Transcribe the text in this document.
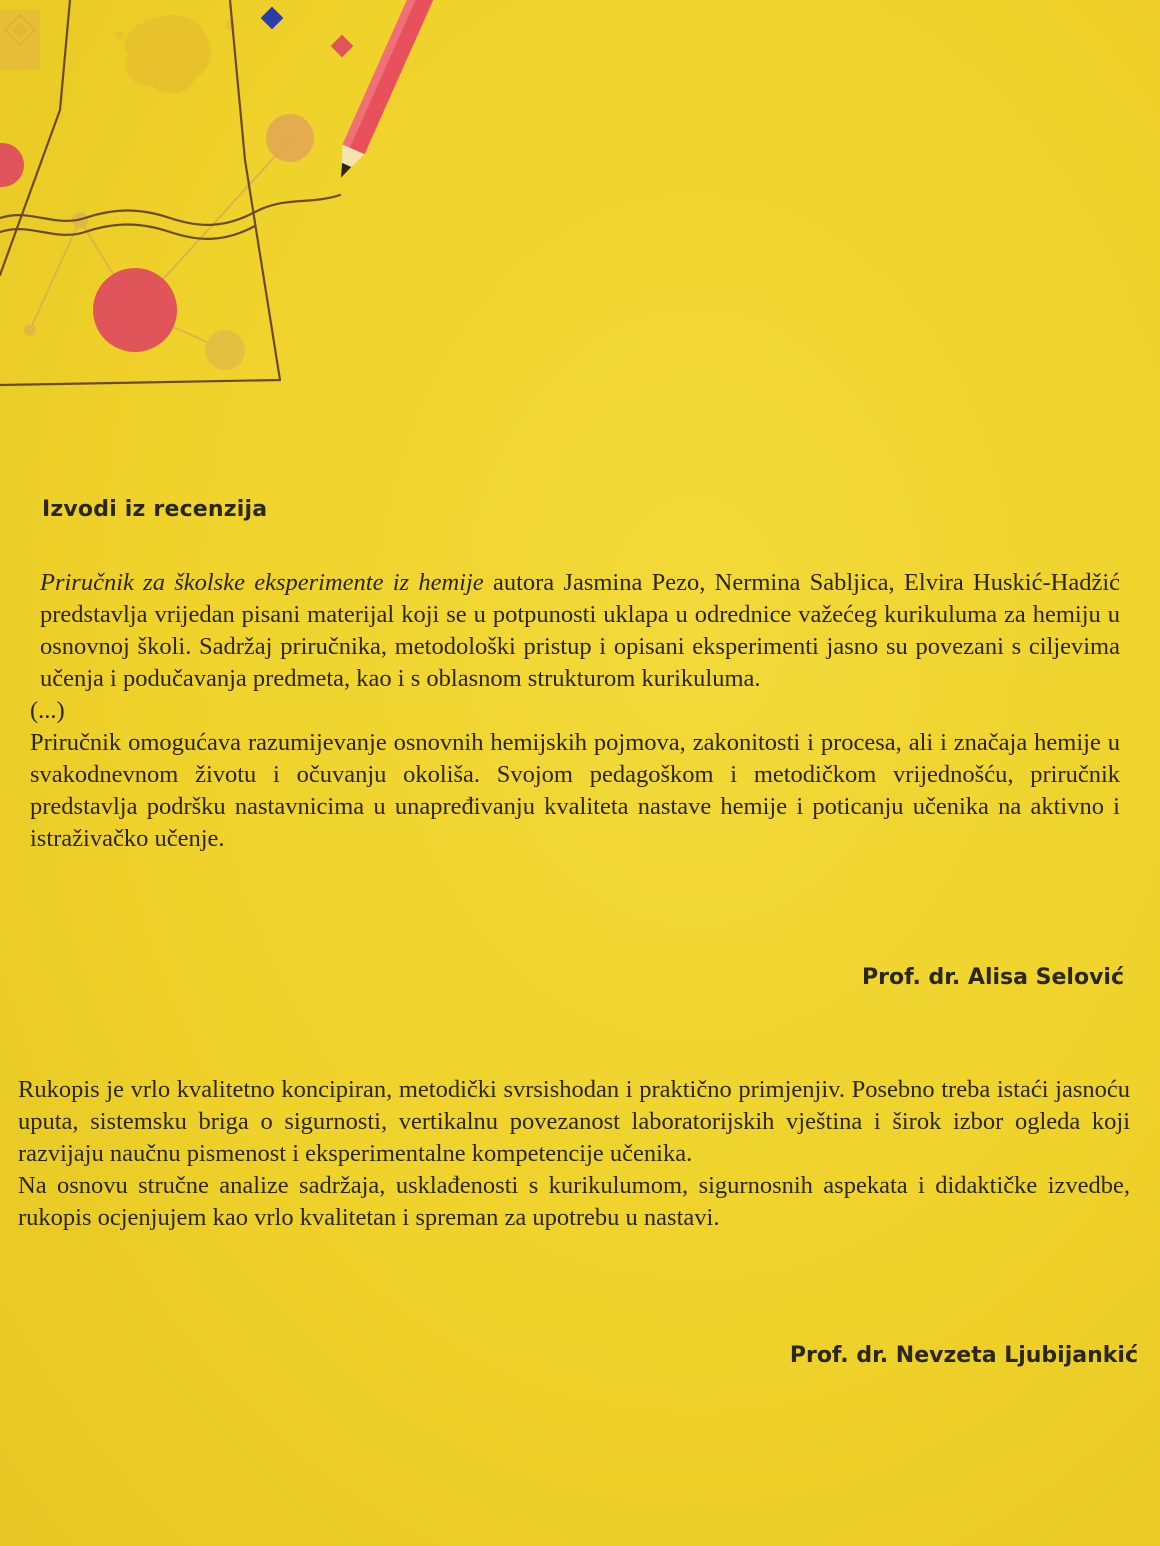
Izvodi iz recenzija

Priručnik za školske eksperimente iz hemije autora Jasmina Pezo, Nermina Sabljica, Elvira Huskić-Hadžić predstavlja vrijedan pisani materijal koji se u potpunosti uklapa u odrednice važećeg kurikuluma za hemiju u osnovnoj školi. Sadržaj priručnika, metodološki pristup i opisani eksperimenti jasno su povezani s ciljevima učenja i podučavanja predmeta, kao i s oblasnom strukturom kurikuluma.

(...)

Priručnik omogućava razumijevanje osnovnih hemijskih pojmova, zakonitosti i procesa, ali i značaja hemije u svakodnevnom životu i očuvanju okoliša. Svojom pedagoškom i metodičkom vrijednošću, priručnik predstavlja podršku nastavnicima u unapređivanju kvaliteta nastave hemije i poticanju učenika na aktivno i istraživačko učenje.

Prof. dr. Alisa Selović

Rukopis je vrlo kvalitetno koncipiran, metodički svrsishodan i praktično primjenjiv. Posebno treba istaći jasnoću uputa, sistemsku briga o sigurnosti, vertikalnu povezanost laboratorijskih vještina i širok izbor ogleda koji razvijaju naučnu pismenost i eksperimentalne kompetencije učenika.

Na osnovu stručne analize sadržaja, usklađenosti s kurikulumom, sigurnosnih aspekata i didaktičke izvedbe, rukopis ocjenjujem kao vrlo kvalitetan i spreman za upotrebu u nastavi.

Prof. dr. Nevzeta Ljubijankić
